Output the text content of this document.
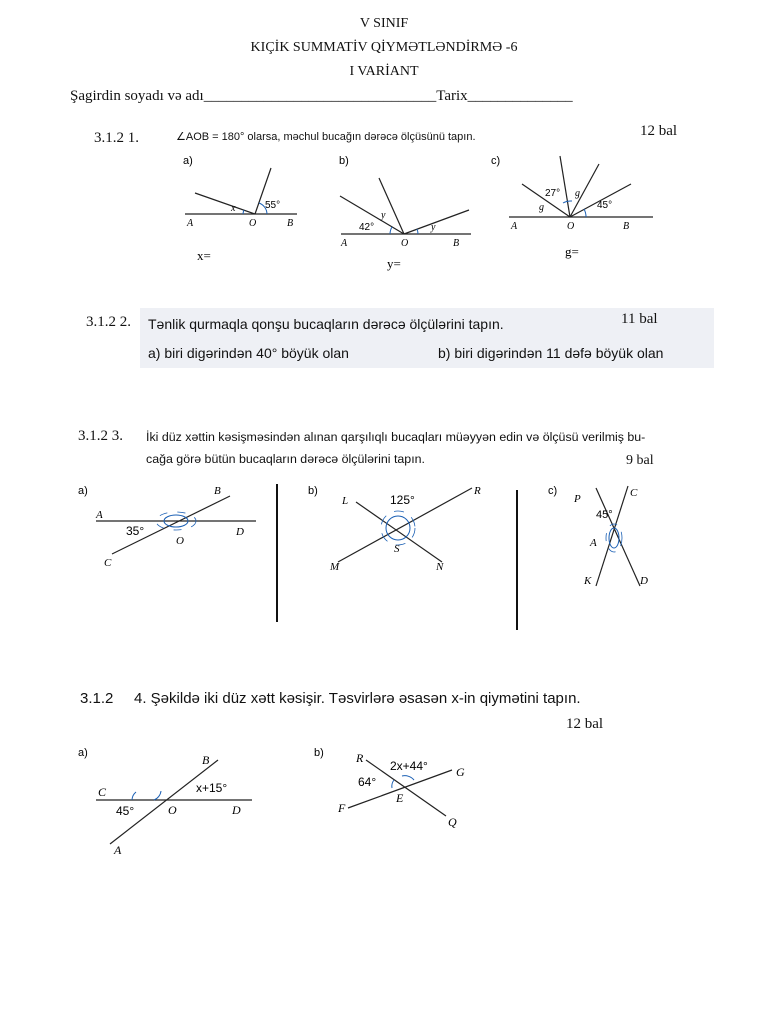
V SINIF
KIÇİK SUMMATİV QİYMƏTLƏNDİRMƏ -6
I VARİANT
Şagirdin soyadı və adı_______________________________Tarix______________
3.1.2 1.	∠AOB = 180° olarsa, məchul bucağın dərəcə ölçüsünü tapın.	12 bal
a)
55°
x
A	O	B
x=
b)
42°
y
y
A	O	B
y=
c)
27°
45°
g
g
A	O	B
g=
3.1.2 2. Tənlik qurmaqla qonşu bucaqların dərəcə ölçülərini tapın.	11 bal
a) biri digərindən 40° böyük olan	b) biri digərindən 11 dəfə böyük olan
3.1.2 3. İki düz xəttin kəsişməsindən alınan qarşılıqlı bucaqları müəyyən edin və ölçüsü verilmiş bu-
cağa görə bütün bucaqların dərəcə ölçülərini tapın.	9 bal
a)
35°
A
B
C
D
O
b)
125°
L
R
M	N
S
c)
45°
P	C
A
K	D
3.1.2 4. Şəkildə iki düz xətt kəsişir. Təsvirlərə əsasən x-in qiymətini tapın.
12 bal
a)
x+15°
45°
B
C
O	D
A
b)
2x+44°
64°
R
G
E
F
Q
